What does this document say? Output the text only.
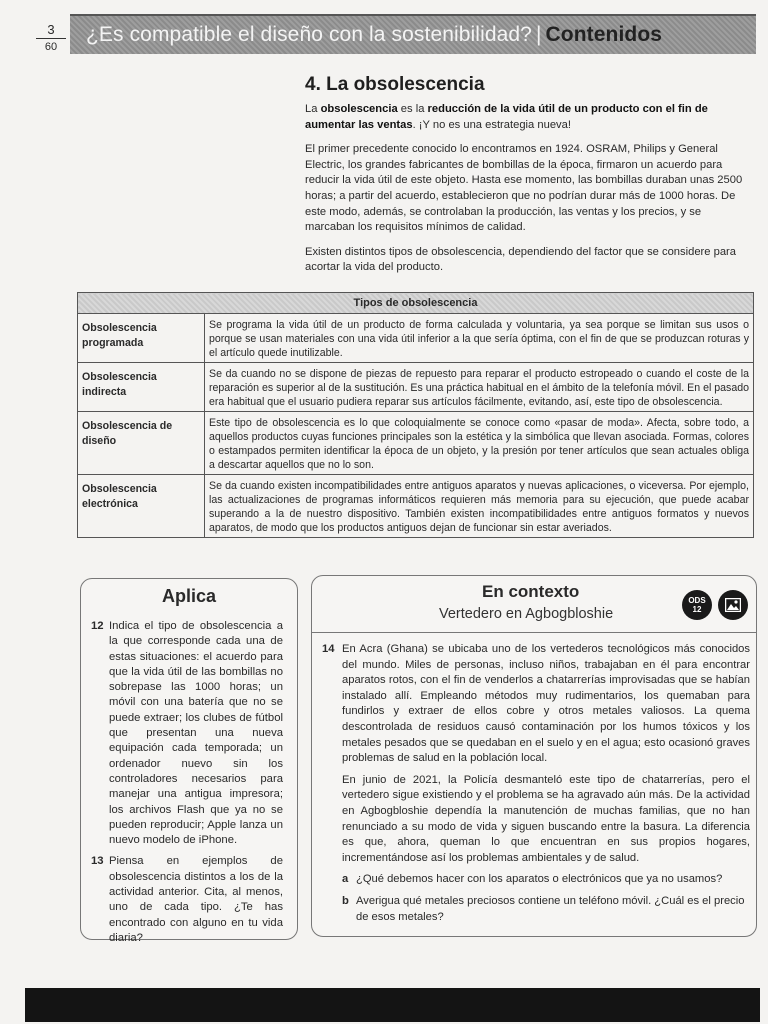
3
60
¿Es compatible el diseño con la sostenibilidad? | Contenidos
4. La obsolescencia

La obsolescencia es la reducción de la vida útil de un producto con el fin de aumentar las ventas. ¡Y no es una estrategia nueva!

El primer precedente conocido lo encontramos en 1924. OSRAM, Philips y General Electric, los grandes fabricantes de bombillas de la época, firmaron un acuerdo para reducir la vida útil de este objeto. Hasta ese momento, las bombillas duraban unas 2500 horas; a partir del acuerdo, establecieron que no podrían durar más de 1000 horas. De este modo, además, se controlaban la producción, las ventas y los precios, y se marcaban los requisitos mínimos de calidad.

Existen distintos tipos de obsolescencia, dependiendo del factor que se considere para acortar la vida del producto.

Tipos de obsolescencia	
Obsolescencia programada	Se programa la vida útil de un producto de forma calculada y voluntaria, ya sea porque se limitan sus usos o porque se usan materiales con una vida útil inferior a la que sería óptima, con el fin de que se produzcan roturas y el artículo quede inutilizable.
Obsolescencia indirecta	Se da cuando no se dispone de piezas de repuesto para reparar el producto estropeado o cuando el coste de la reparación es superior al de la sustitución. Es una práctica habitual en el ámbito de la telefonía móvil. En el pasado era habitual que el usuario pudiera reparar sus artículos fácilmente, evitando, así, este tipo de obsolescencia.
Obsolescencia de diseño	Este tipo de obsolescencia es lo que coloquialmente se conoce como «pasar de moda». Afecta, sobre todo, a aquellos productos cuyas funciones principales son la estética y la simbólica que llevan asociada. Formas, colores o estampados permiten identificar la época de un objeto, y la presión por tener artículos que sean actuales obliga a descartar aquellos que no lo son.
Obsolescencia electrónica	Se da cuando existen incompatibilidades entre antiguos aparatos y nuevas aplicaciones, o viceversa. Por ejemplo, las actualizaciones de programas informáticos requieren más memoria para su ejecución, que puede acabar superando a la de nuestro dispositivo. También existen incompatibilidades entre antiguos formatos y nuevos aparatos, de modo que los productos antiguos dejan de funcionar sin estar averiados.
Aplica
12 Indica el tipo de obsolescencia a la que corresponde cada una de estas situaciones: el acuerdo para que la vida útil de las bombillas no sobrepase las 1000 horas; un móvil con una batería que no se puede extraer; los clubes de fútbol que presentan una nueva equipación cada temporada; un ordenador nuevo sin los controladores necesarios para manejar una antigua impresora; los archivos Flash que ya no se pueden reproducir; Apple lanza un nuevo modelo de iPhone.
13 Piensa en ejemplos de obsolescencia distintos a los de la actividad anterior. Cita, al menos, uno de cada tipo. ¿Te has encontrado con alguno en tu vida diaria?
En contexto
Vertedero en Agbogbloshie
ODS
12
14 En Acra (Ghana) se ubicaba uno de los vertederos tecnológicos más conocidos del mundo. Miles de personas, incluso niños, trabajaban en él para encontrar aparatos rotos, con el fin de venderlos a chatarrerías improvisadas que se habían instalado allí. Empleando métodos muy rudimentarios, los quemaban para fundirlos y extraer de ellos cobre y otros metales valiosos. La quema descontrolada de residuos causó contaminación por los humos tóxicos y los metales pesados que se quedaban en el suelo y en el agua; esto ocasionó graves problemas de salud en la población local.

En junio de 2021, la Policía desmanteló este tipo de chatarrerías, pero el vertedero sigue existiendo y el problema se ha agravado aún más. De la actividad en Agbogbloshie dependía la manutención de muchas familias, que no han renunciado a su modo de vida y siguen buscando entre la basura. La diferencia es que, ahora, queman lo que encuentran en sus propios hogares, incrementándose así los problemas ambientales y de salud.

a ¿Qué debemos hacer con los aparatos o electrónicos que ya no usamos?
b Averigua qué metales preciosos contiene un teléfono móvil. ¿Cuál es el precio de esos metales?
